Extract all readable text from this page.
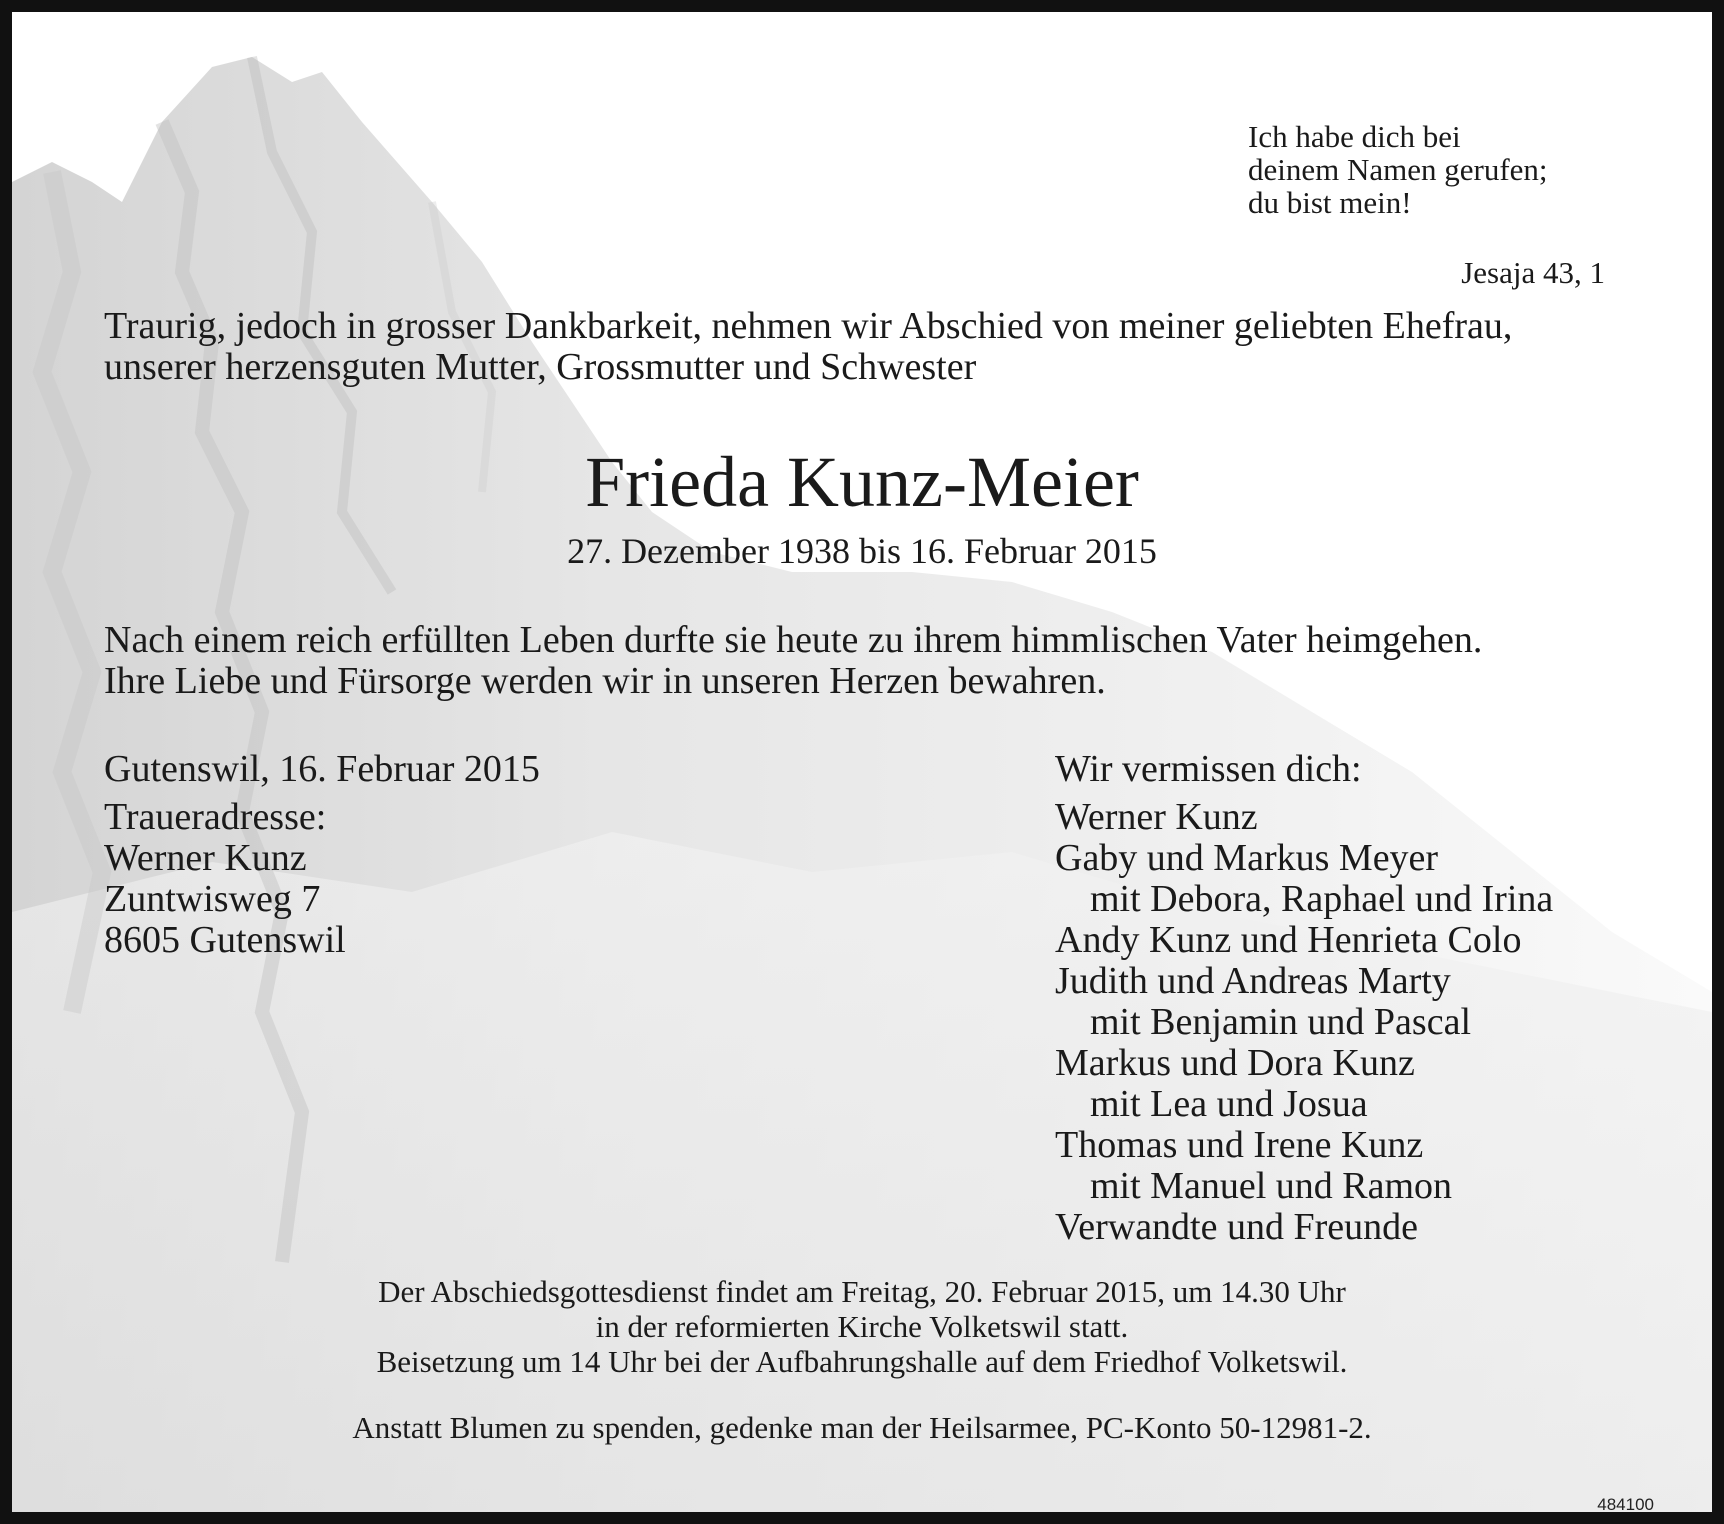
Ich habe dich bei
deinem Namen gerufen;
du bist mein!
Jesaja 43, 1
Traurig, jedoch in grosser Dankbarkeit, nehmen wir Abschied von meiner geliebten Ehefrau,
unserer herzensguten Mutter, Grossmutter und Schwester
Frieda Kunz-Meier
27. Dezember 1938 bis 16. Februar 2015
Nach einem reich erfüllten Leben durfte sie heute zu ihrem himmlischen Vater heimgehen.
Ihre Liebe und Fürsorge werden wir in unseren Herzen bewahren.
Gutenswil, 16. Februar 2015
Traueradresse:
Werner Kunz
Zuntwisweg 7
8605 Gutenswil
Wir vermissen dich:
Werner Kunz
Gaby und Markus Meyer
mit Debora, Raphael und Irina
Andy Kunz und Henrieta Colo
Judith und Andreas Marty
mit Benjamin und Pascal
Markus und Dora Kunz
mit Lea und Josua
Thomas und Irene Kunz
mit Manuel und Ramon
Verwandte und Freunde
Der Abschiedsgottesdienst findet am Freitag, 20. Februar 2015, um 14.30 Uhr
in der reformierten Kirche Volketswil statt.
Beisetzung um 14 Uhr bei der Aufbahrungshalle auf dem Friedhof Volketswil.
Anstatt Blumen zu spenden, gedenke man der Heilsarmee, PC-Konto 50-12981-2.
484100
